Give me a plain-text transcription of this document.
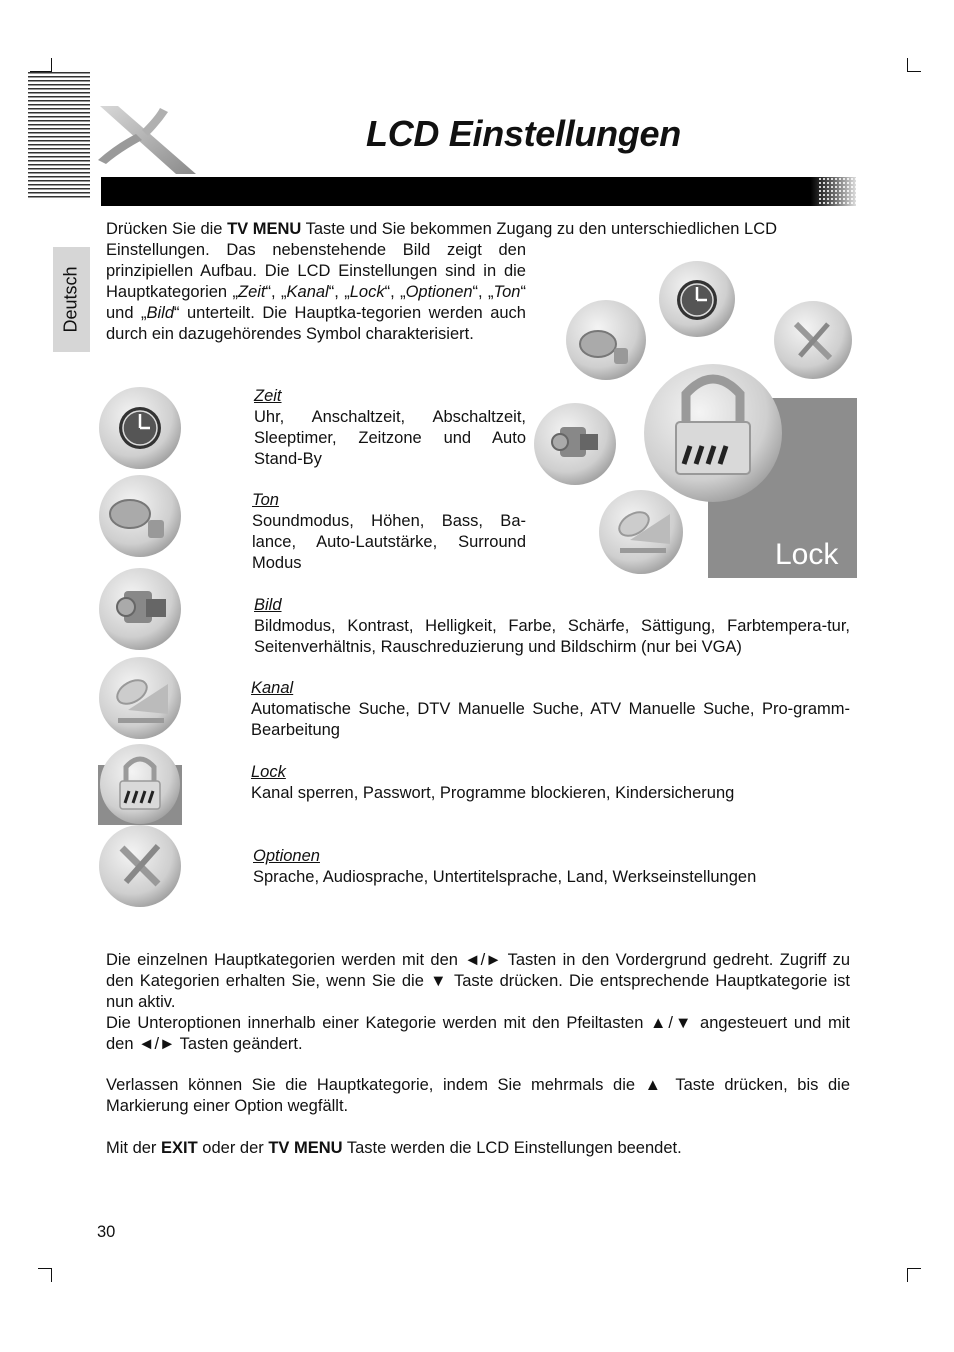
LCD Einstellungen
Deutsch
Drücken Sie die TV MENU Taste und Sie bekommen Zugang zu den unterschiedlichen LCD
Einstellungen. Das nebenstehende Bild zeigt den prinzipiellen Aufbau. Die LCD Einstellungen sind in die Hauptkategorien „Zeit“, „Kanal“, „Lock“, „Optionen“, „Ton“ und „Bild“ unterteilt. Die Hauptka-tegorien werden auch durch ein dazugehörendes Symbol charakterisiert.
Lock
Zeit
Uhr, Anschaltzeit, Abschaltzeit, Sleeptimer, Zeitzone und Auto Stand-By
Ton
Soundmodus, Höhen, Bass, Ba-lance, Auto-Lautstärke, Surround Modus
Bild
Bildmodus, Kontrast, Helligkeit, Farbe, Schärfe, Sättigung, Farbtempera-tur, Seitenverhältnis, Rauschreduzierung und Bildschirm (nur bei VGA)
Kanal
Automatische Suche, DTV Manuelle Suche, ATV Manuelle Suche, Pro-gramm-Bearbeitung
Lock
Kanal sperren, Passwort, Programme blockieren, Kindersicherung
Optionen
Sprache, Audiosprache, Untertitelsprache, Land, Werkseinstellungen
Die einzelnen Hauptkategorien werden mit den ◄/► Tasten in den Vordergrund gedreht. Zugriff zu den Kategorien erhalten Sie, wenn Sie die ▼ Taste drücken. Die entsprechende Hauptkategorie ist nun aktiv.
Die Unteroptionen innerhalb einer Kategorie werden mit den Pfeiltasten ▲/▼ angesteuert und mit den ◄/► Tasten geändert.
Verlassen können Sie die Hauptkategorie, indem Sie mehrmals die ▲ Taste drücken, bis die Markierung einer Option wegfällt.
Mit der EXIT oder der TV MENU Taste werden die LCD Einstellungen beendet.
30
